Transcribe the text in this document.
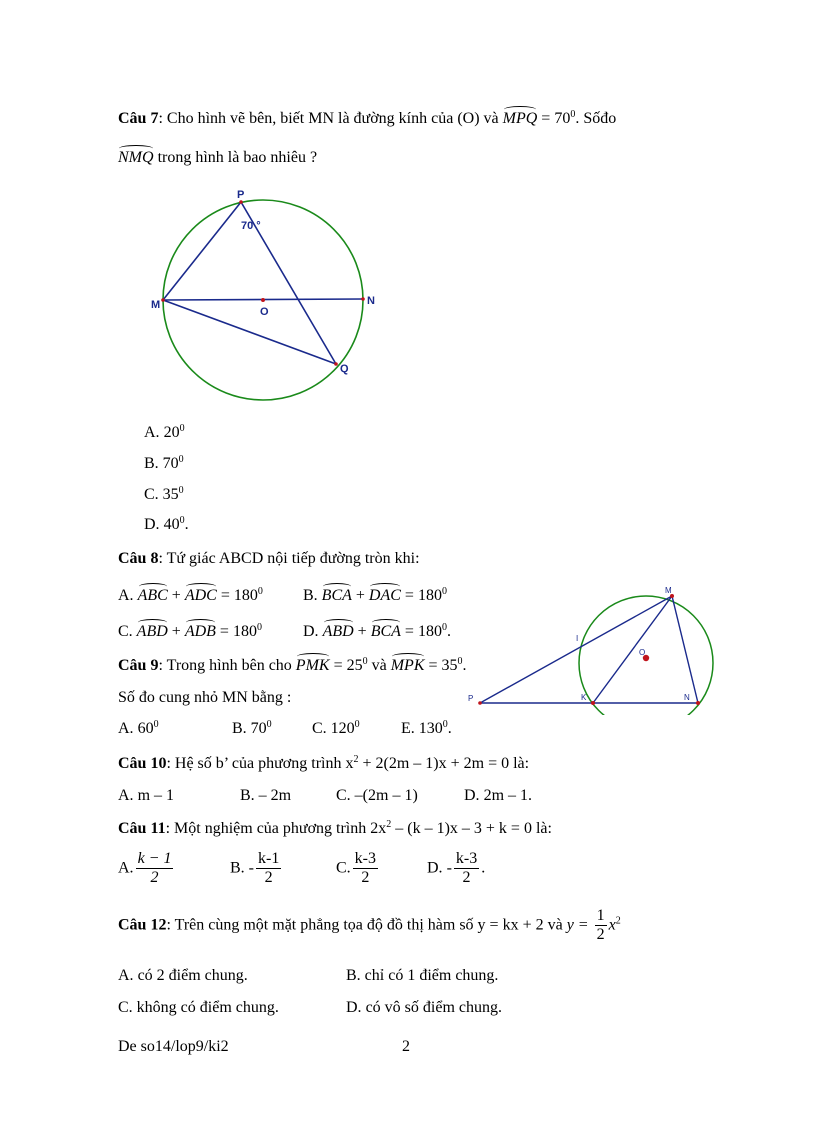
Câu 7: Cho hình vẽ bên, biết MN là đường kính của (O) và MPQ = $70^0$. Sốđo
NMQ trong hình là bao nhiêu ?
P
70 °
M	N
O
Q
A. $20^0$
B. $70^0$
C. $35^0$
D. $40^0$.
Câu 8: Tứ giác ABCD nội tiếp đường tròn khi:
A. ABC + ADC = $180^0$	B. BCA + DAC = $180^0$
C. ABD + ADB = $180^0$	D. ABD + BCA = $180^0$.
Câu 9: Trong hình bên cho PMK = $25^0$ và MPK = $35^0$.
Số đo cung nhỏ MN bằng :
A. $60^0$	B. $70^0$	C. $120^0$	E. $130^0$.
M
I
O
P	K	N
Câu 10: Hệ số b’ của phương trình $x^2 + 2(2m - 1)x + 2m = 0$ là:
A. m – 1	B. – 2m	C. –(2m – 1)	D. 2m – 1.
Câu 11: Một nghiệm của phương trình $2x^2 - (k - 1)x - 3 + k = 0$ là:
A. $\frac{k - 1}{2}$	B. - $\frac{k-1}{2}$	C. $\frac{k-3}{2}$	D. - $\frac{k-3}{2}$ .
Câu 12: Trên cùng một mặt phẳng tọa độ đồ thị hàm số y = kx + 2 và $y = \frac{1}{2} x^2$
A. có 2 điểm chung.	B. chỉ có 1 điểm chung.
C. không có điểm chung.	D. có vô số điểm chung.
De so14/lop9/ki2	2
